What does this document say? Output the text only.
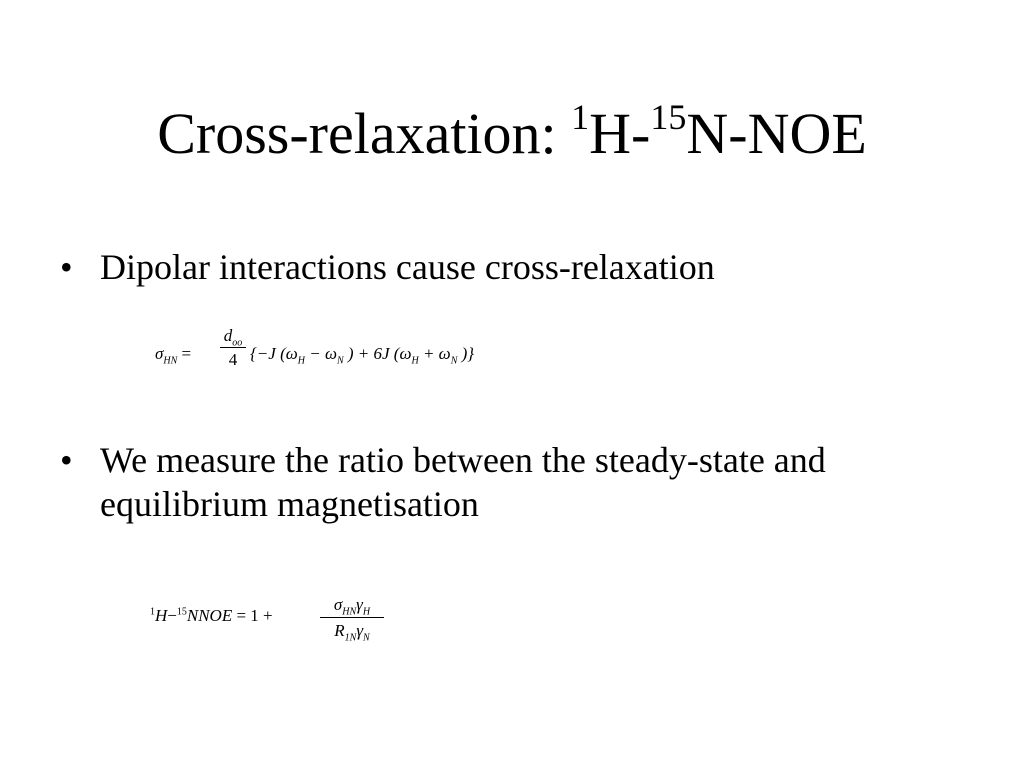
Cross-relaxation: $^1$H-$^{15}$N-NOE
• Dipolar interactions cause cross-relaxation
$\sigma_{HN}$ =
$d_{oo}$
4 {−J ($\omega_H - \omega_N$ ) + 6J ($\omega_H + \omega_N$ )}
• We measure the ratio between the steady-state and equilibrium magnetisation
$^1$H−$^{15}$NNOE = 1 +
$\sigma_{HN}\gamma_H$
$R_{1N}\gamma_N$
